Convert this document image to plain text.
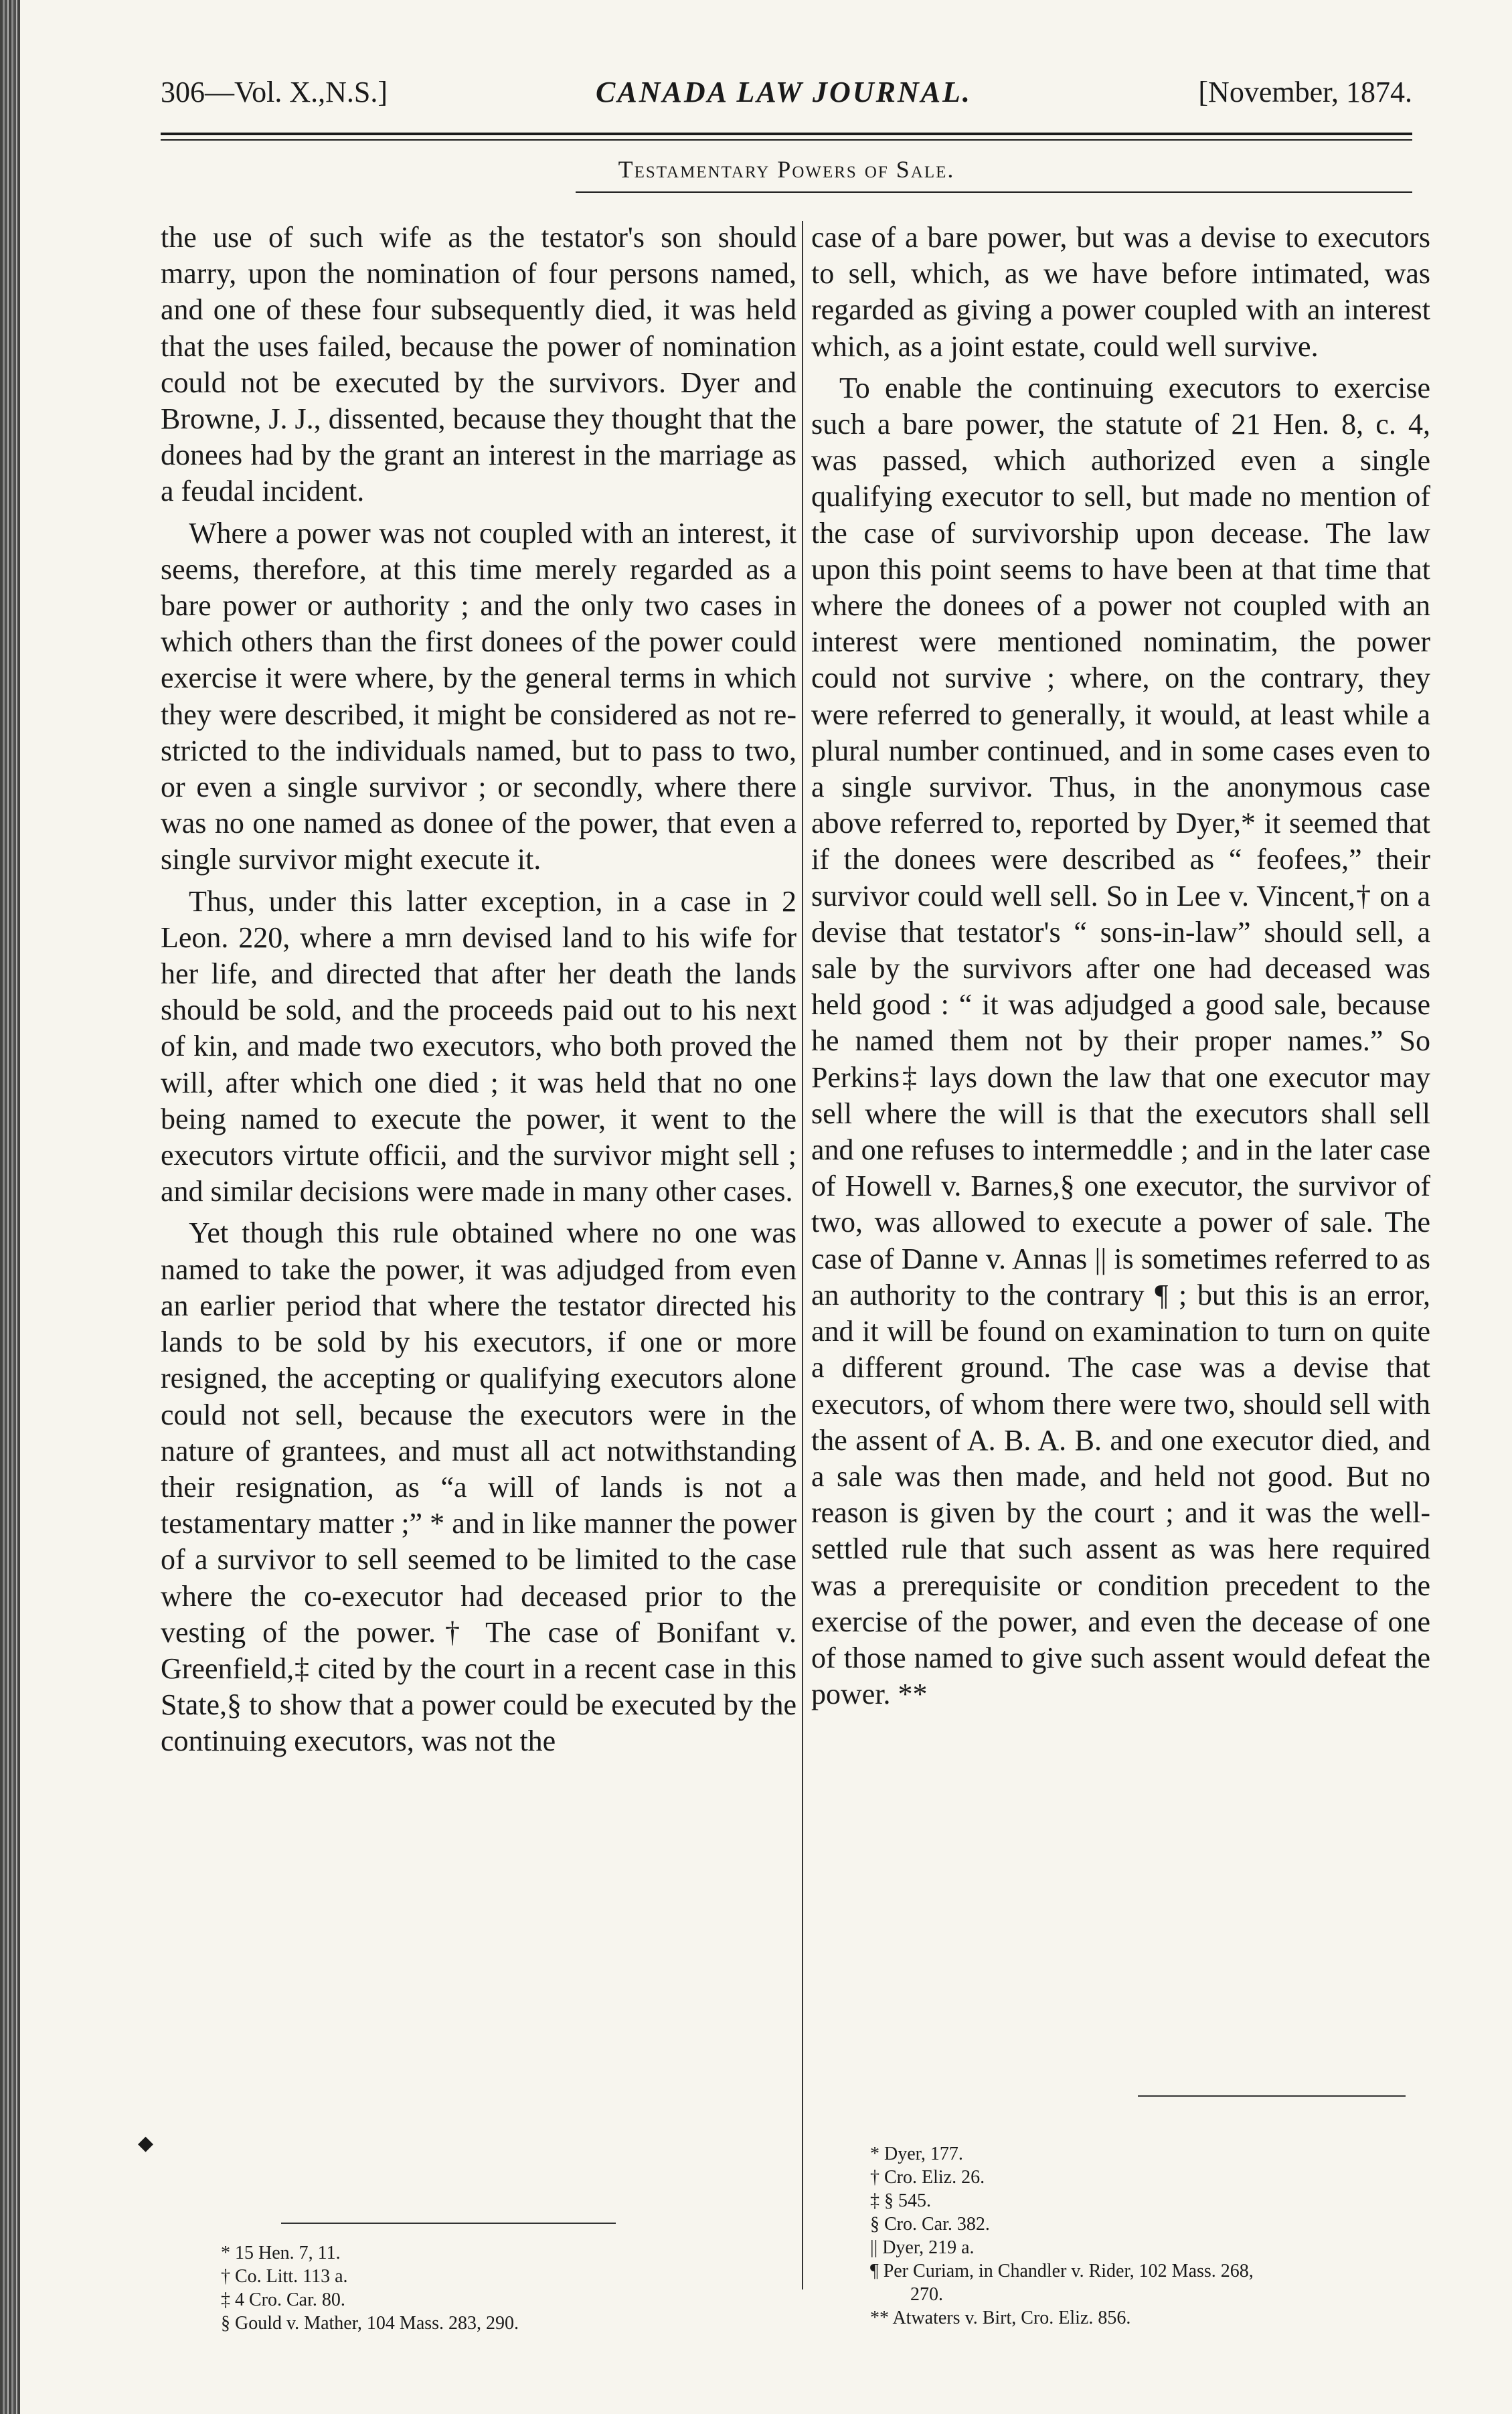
306—Vol. X.,N.S.]	CANADA LAW JOURNAL.	[November, 1874.
Testamentary Powers of Sale.

the use of such wife as the testator's son should marry, upon the nomination of four persons named, and one of these four subsequently died, it was held that the uses failed, because the power of nomination could not be executed by the survivors. Dyer and Browne, J. J., dissented, because they thought that the donees had by the grant an interest in the marriage as a feudal incident.

Where a power was not coupled with an interest, it seems, therefore, at this time merely regarded as a bare power or authority ; and the only two cases in which others than the first donees of the power could exercise it were where, by the general terms in which they were described, it might be considered as not restricted to the individuals named, but to pass to two, or even a single survivor ; or secondly, where there was no one named as donee of the power, that even a single survivor might execute it.

Thus, under this latter exception, in a case in 2 Leon. 220, where a mrn devised land to his wife for her life, and directed that after her death the lands should be sold, and the proceeds paid out to his next of kin, and made two executors, who both proved the will, after which one died ; it was held that no one being named to execute the power, it went to the executors virtute officii, and the survivor might sell ; and similar decisions were made in many other cases.

Yet though this rule obtained where no one was named to take the power, it was adjudged from even an earlier period that where the testator directed his lands to be sold by his executors, if one or more resigned, the accepting or qualifying executors alone could not sell, because the executors were in the nature of grantees, and must all act notwithstanding their resignation, as “a will of lands is not a testamentary matter ;” * and in like manner the power of a survivor to sell seemed to be limited to the case where the co-executor had deceased prior to the vesting of the power.† The case of Bonifant v. Greenfield,‡ cited by the court in a recent case in this State,§ to show that a power could be executed by the continuing executors, was not the

case of a bare power, but was a devise to executors to sell, which, as we have before intimated, was regarded as giving a power coupled with an interest which, as a joint estate, could well survive.

To enable the continuing executors to exercise such a bare power, the statute of 21 Hen. 8, c. 4, was passed, which authorized even a single qualifying executor to sell, but made no mention of the case of survivorship upon decease. The law upon this point seems to have been at that time that where the donees of a power not coupled with an interest were mentioned nominatim, the power could not survive ; where, on the contrary, they were referred to generally, it would, at least while a plural number continued, and in some cases even to a single survivor. Thus, in the anonymous case above referred to, reported by Dyer,* it seemed that if the donees were described as “ feofees,” their survivor could well sell. So in Lee v. Vincent,† on a devise that testator's “ sons-in-law” should sell, a sale by the survivors after one had deceased was held good : “ it was adjudged a good sale, because he named them not by their proper names.” So Perkins‡ lays down the law that one executor may sell where the will is that the executors shall sell and one refuses to intermeddle ; and in the later case of Howell v. Barnes,§ one executor, the survivor of two, was allowed to execute a power of sale. The case of Danne v. Annas || is sometimes referred to as an authority to the contrary ¶ ; but this is an error, and it will be found on examination to turn on quite a different ground. The case was a devise that executors, of whom there were two, should sell with the assent of A. B. A. B. and one executor died, and a sale was then made, and held not good. But no reason is given by the court ; and it was the well-settled rule that such assent as was here required was a prerequisite or condition precedent to the exercise of the power, and even the decease of one of those named to give such assent would defeat the power. **

◆
* 15 Hen. 7, 11.
† Co. Litt. 113 a.
‡ 4 Cro. Car. 80.
§ Gould v. Mather, 104 Mass. 283, 290.
* Dyer, 177.
† Cro. Eliz. 26.
‡ § 545.
§ Cro. Car. 382.
|| Dyer, 219 a.
¶ Per Curiam, in Chandler v. Rider, 102 Mass. 268,
270.
** Atwaters v. Birt, Cro. Eliz. 856.
